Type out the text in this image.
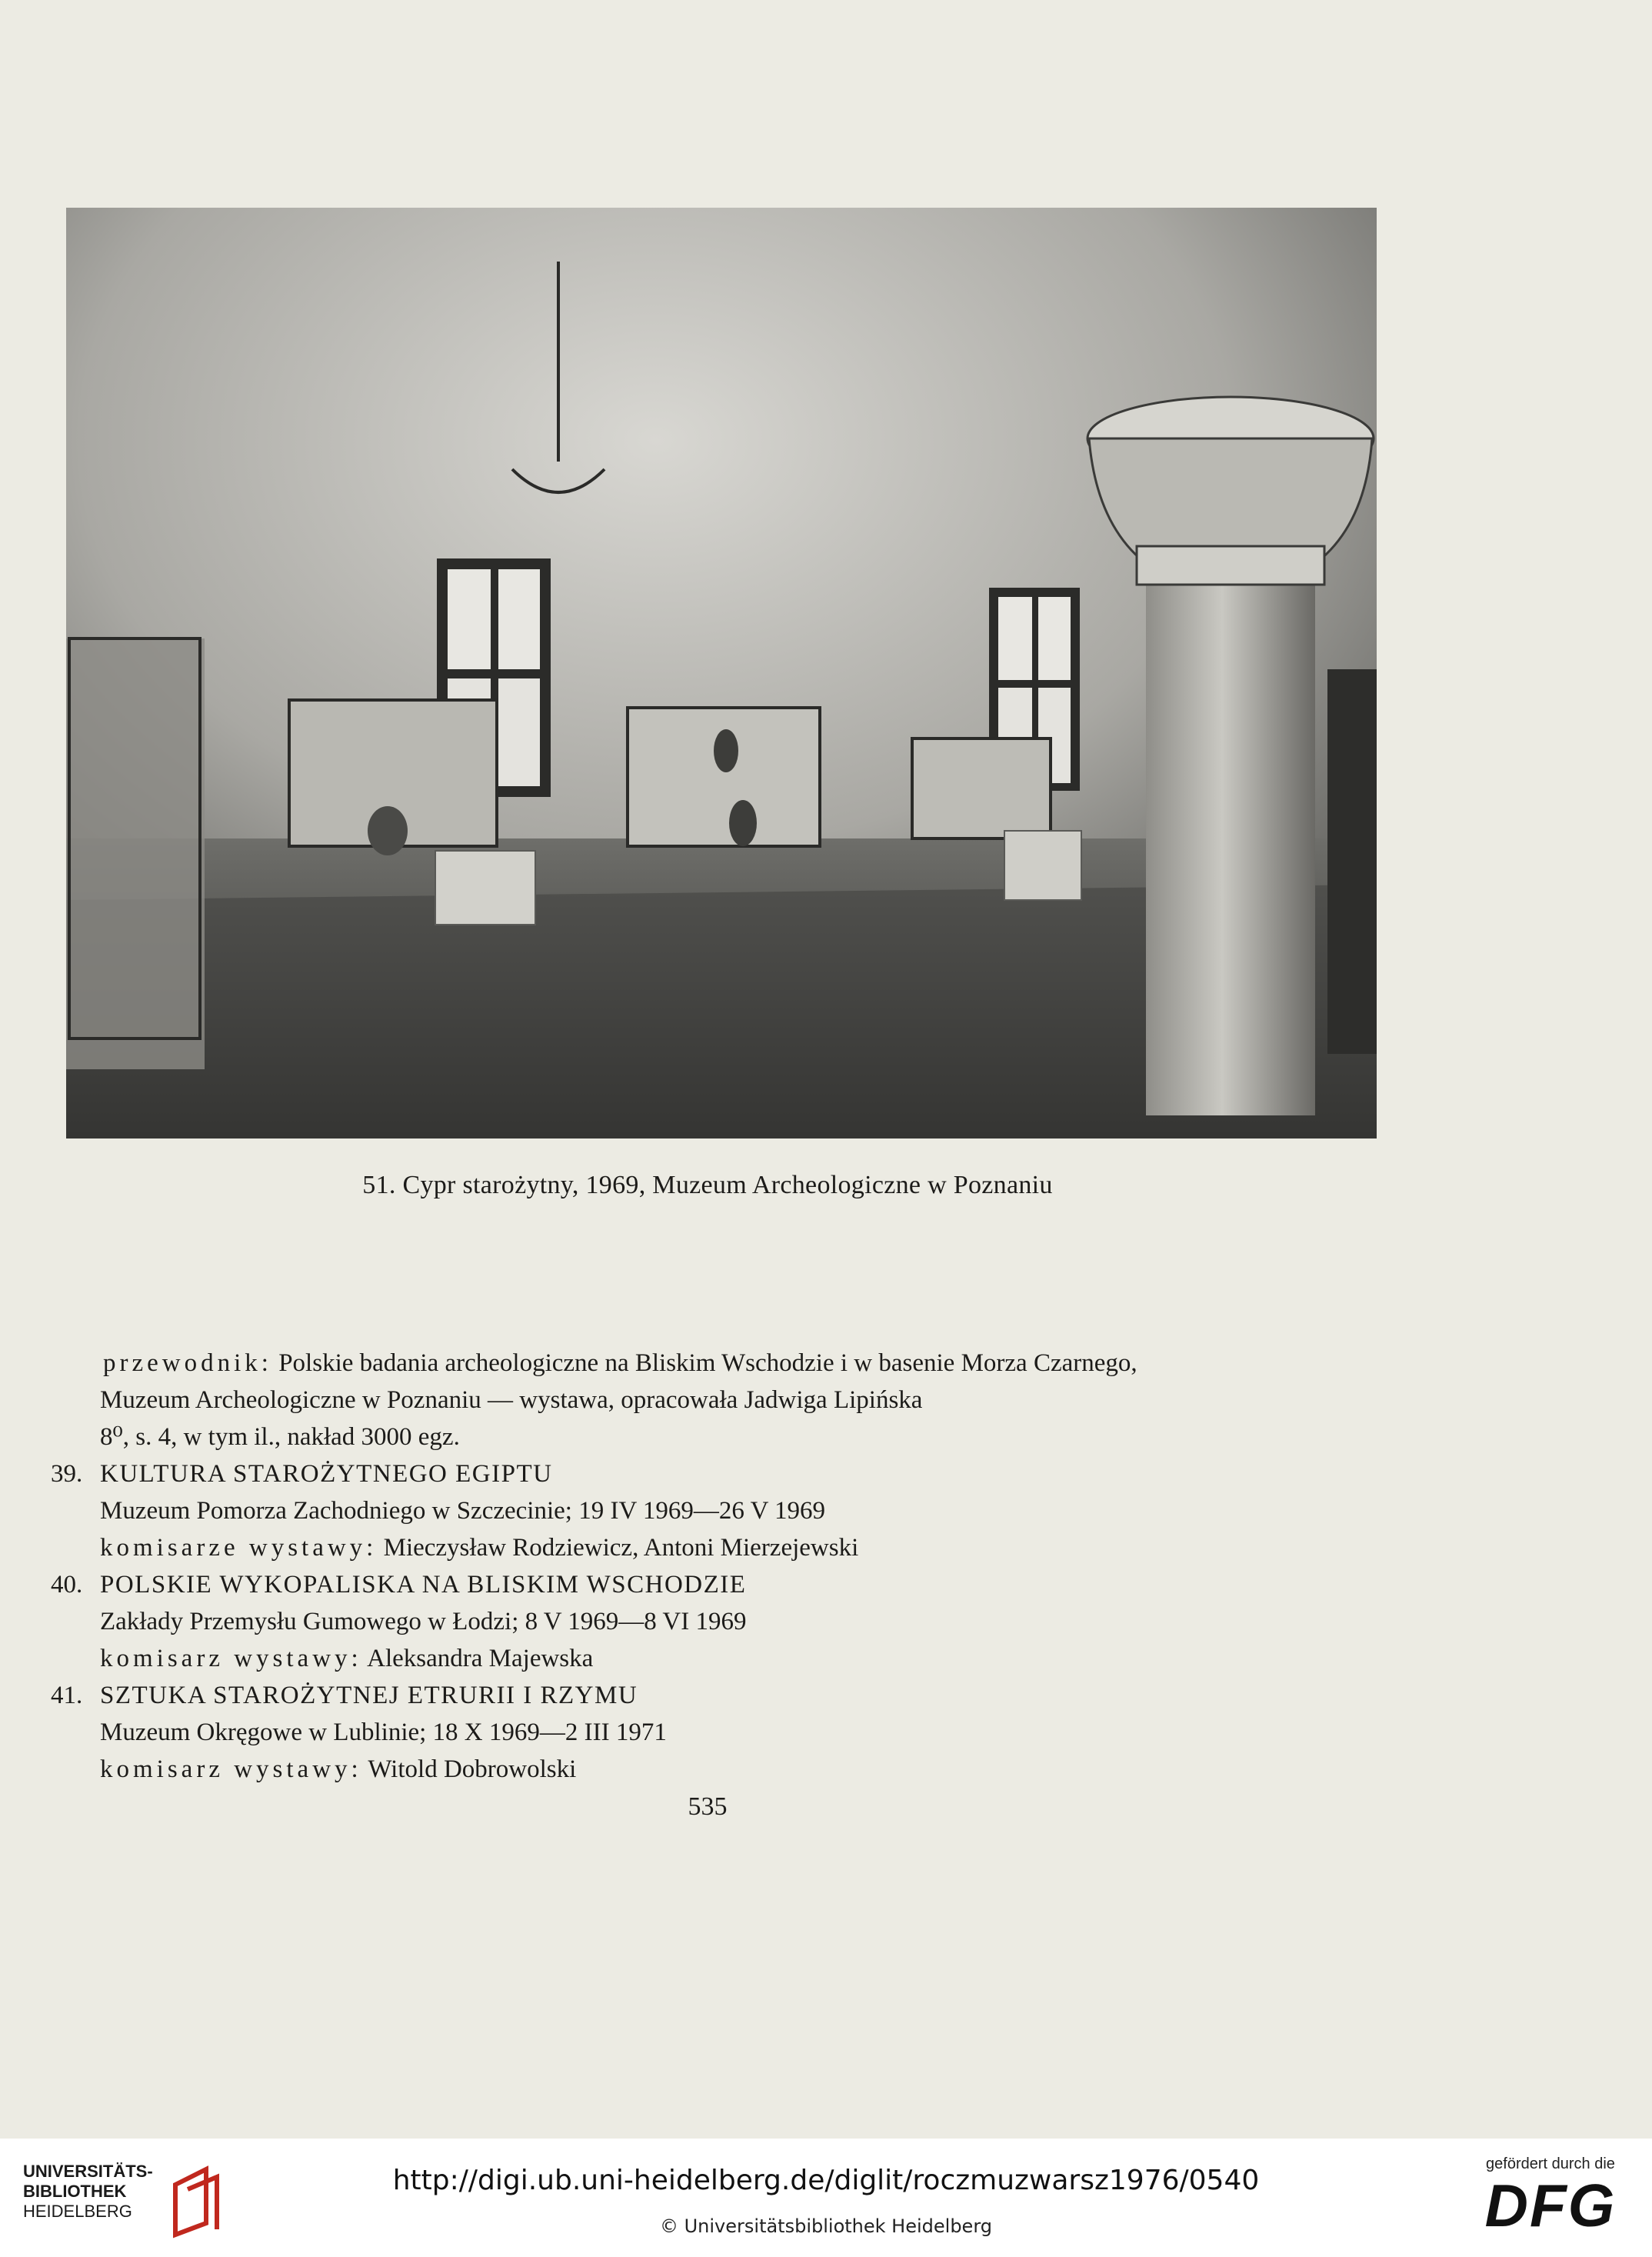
51. Cypr starożytny, 1969, Muzeum Archeologiczne w Poznaniu
przewodnik: Polskie badania archeologiczne na Bliskim Wschodzie i w basenie Morza Czarnego,
Muzeum Archeologiczne w Poznaniu — wystawa, opracowała Jadwiga Lipińska
8⁰, s. 4, w tym il., nakład 3000 egz.
39. KULTURA STAROŻYTNEGO EGIPTU
Muzeum Pomorza Zachodniego w Szczecinie; 19 IV 1969—26 V 1969
komisarze wystawy: Mieczysław Rodziewicz, Antoni Mierzejewski
40. POLSKIE WYKOPALISKA NA BLISKIM WSCHODZIE
Zakłady Przemysłu Gumowego w Łodzi; 8 V 1969—8 VI 1969
komisarz wystawy: Aleksandra Majewska
41. SZTUKA STAROŻYTNEJ ETRURII I RZYMU
Muzeum Okręgowe w Lublinie; 18 X 1969—2 III 1971
komisarz wystawy: Witold Dobrowolski
535
UNIVERSITÄTS-
BIBLIOTHEK
HEIDELBERG
http://digi.ub.uni-heidelberg.de/diglit/roczmuzwarsz1976/0540
© Universitätsbibliothek Heidelberg
gefördert durch die
DFG
